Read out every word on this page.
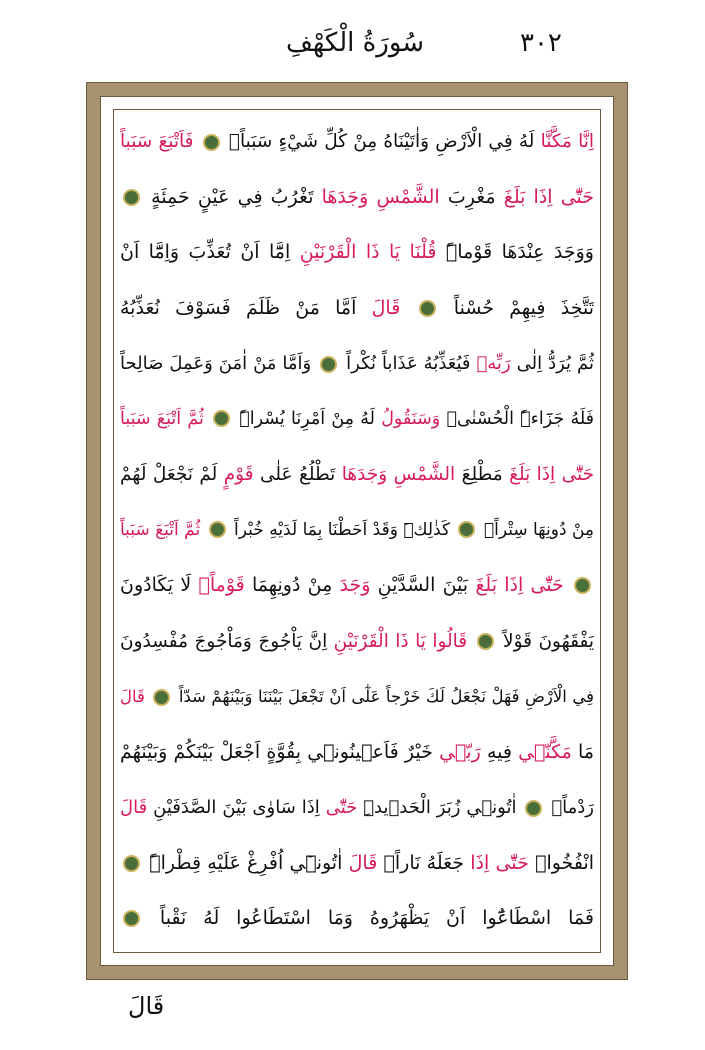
٣٠٢
سُورَةُ الْكَهْفِ
اِنَّا مَكَّنَّا لَهُ فِي الْاَرْضِ وَاٰتَيْنَاهُ مِنْ كُلِّ شَيْءٍ سَبَباًۙ  فَاَتْبَعَ سَبَباً
حَتّٰٓى اِذَا بَلَغَ مَغْرِبَ الشَّمْسِ وَجَدَهَا تَغْرُبُ فِي عَيْنٍ حَمِئَةٍ
وَوَجَدَ عِنْدَهَا قَوْماًۜ قُلْنَا يَا ذَا الْقَرْنَيْنِ اِمَّٓا اَنْ تُعَذِّبَ وَاِمَّٓا اَنْ
تَتَّخِذَ فِيهِمْ حُسْناً  قَالَ اَمَّا مَنْ ظَلَمَ فَسَوْفَ نُعَذِّبُهُ
ثُمَّ يُرَدُّ اِلٰى رَبِّه۪ فَيُعَذِّبُهُ عَذَاباً نُكْراً  وَاَمَّا مَنْ اٰمَنَ وَعَمِلَ صَالِحاً
فَلَهُ جَزَٓاءًۨ الْحُسْنٰىۚ وَسَنَقُولُ لَهُ مِنْ اَمْرِنَا يُسْراًۜ  ثُمَّ اَتْبَعَ سَبَباً
حَتّٰٓى اِذَا بَلَغَ مَطْلِعَ الشَّمْسِ وَجَدَهَا تَطْلُعُ عَلٰى قَوْمٍ لَمْ نَجْعَلْ لَهُمْ
مِنْ دُونِهَا سِتْراًۙ  كَذٰلِكَۜ وَقَدْ اَحَطْنَا بِمَا لَدَيْهِ خُبْراً  ثُمَّ اَتْبَعَ سَبَباً
حَتّٰٓى اِذَا بَلَغَ بَيْنَ السَّدَّيْنِ وَجَدَ مِنْ دُونِهِمَا قَوْماًۙ لَا يَكَادُونَ
يَفْقَهُونَ قَوْلاً  قَالُوا يَا ذَا الْقَرْنَيْنِ اِنَّ يَاْجُوجَ وَمَاْجُوجَ مُفْسِدُونَ
فِي الْاَرْضِ فَهَلْ نَجْعَلُ لَكَ خَرْجاً عَلٰٓى اَنْ تَجْعَلَ بَيْنَنَا وَبَيْنَهُمْ سَدّاً  قَالَ
مَا مَكَّنّ۪ي فِيهِ رَبّ۪ي خَيْرٌ فَاَع۪ينُون۪ي بِقُوَّةٍ اَجْعَلْ بَيْنَكُمْ وَبَيْنَهُمْ
رَدْماًۙ  اٰتُون۪ي زُبَرَ الْحَد۪يدِۜ حَتّٰٓى اِذَا سَاوٰى بَيْنَ الصَّدَفَيْنِ قَالَ
انْفُخُواۜ حَتّٰٓى اِذَا جَعَلَهُ نَاراًۙ قَالَ اٰتُون۪ٓي اُفْرِغْ عَلَيْهِ قِطْراًۜ
فَمَا اسْطَاعُٓوا اَنْ يَظْهَرُوهُ وَمَا اسْتَطَاعُوا لَهُ نَقْباً
قَالَ
